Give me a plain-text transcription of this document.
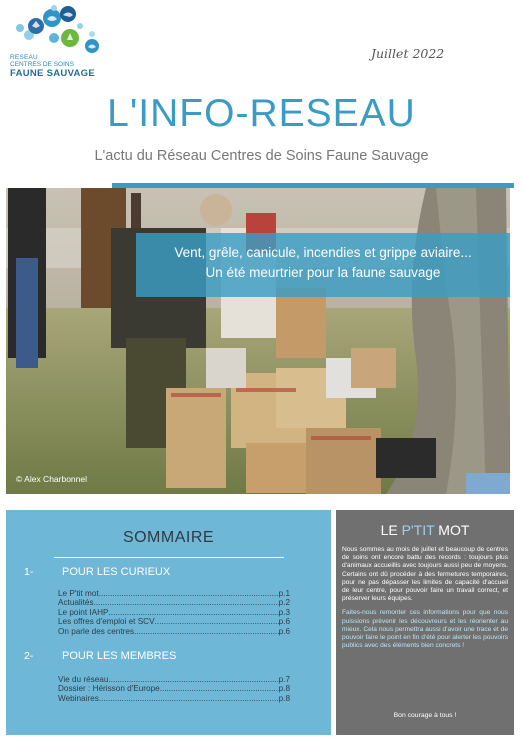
RESEAU
CENTRES DE SOINS
FAUNE SAUVAGE
Juillet 2022
L'INFO-RESEAU
L'actu du Réseau Centres de Soins Faune Sauvage
Vent, grêle, canicule, incendies et grippe aviaire...
Un été meurtrier pour la faune sauvage
© Alex Charbonnel
SOMMAIRE
1-	POUR LES CURIEUX
Le P'tit mot .....	p.1
Actualités .....	p.2
Le point IAHP .....	p.3
Les offres d'emploi et SCV .....	p.6
On parle des centres .....	p.6
2-	POUR LES MEMBRES
Vie du réseau .....	p.7
Dossier : Hérisson d'Europe .....	p.8
Webinaires .....	p.8
LE P'TIT MOT

Nous sommes au mois de juillet et beaucoup de centres de soins ont encore battu des records : toujours plus d'animaux accueillis avec toujours aussi peu de moyens. Certains ont dû procéder à des fermetures temporaires, pour ne pas dépasser les limites de capacité d'accueil de leur centre, pour pouvoir faire un travail correct, et préserver leurs équipes.

Faites-nous remonter ces informations pour que nous puissions prévenir les découvreurs et les réorienter au mieux. Cela nous permettra aussi d'avoir une trace et de pouvoir faire le point en fin d'été pour alerter les pouvoirs publics avec des éléments bien concrets !

Bon courage à tous !
